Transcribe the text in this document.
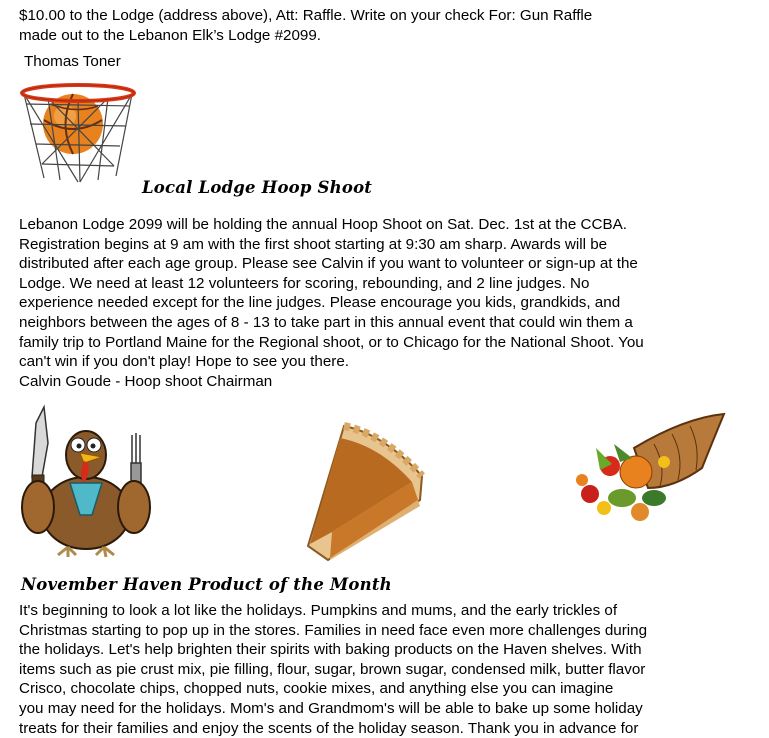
$10.00 to the Lodge (address above), Att: Raffle. Write on your check For: Gun Raffle
made out to the Lebanon Elk’s Lodge #2099.

Thomas Toner

Local Lodge Hoop Shoot

Lebanon Lodge 2099 will be holding the annual Hoop Shoot on Sat. Dec. 1st at the CCBA.
Registration begins at 9 am with the first shoot starting at 9:30 am sharp. Awards will be
distributed after each age group. Please see Calvin if you want to volunteer or sign-up at the
Lodge. We need at least 12 volunteers for scoring, rebounding, and 2 line judges. No
experience needed except for the line judges. Please encourage you kids, grandkids, and
neighbors between the ages of 8 - 13 to take part in this annual event that could win them a
family trip to Portland Maine for the Regional shoot, or to Chicago for the National Shoot. You
can't win if you don't play! Hope to see you there.

Calvin Goude - Hoop shoot Chairman

November Haven Product of the Month

It's beginning to look a lot like the holidays. Pumpkins and mums, and the early trickles of
Christmas starting to pop up in the stores. Families in need face even more challenges during
the holidays. Let's help brighten their spirits with baking products on the Haven shelves. With
items such as pie crust mix, pie filling, flour, sugar, brown sugar, condensed milk, butter flavor
Crisco, chocolate chips, chopped nuts, cookie mixes, and anything else you can imagine
you may need for the holidays. Mom's and Grandmom's will be able to bake up some holiday
treats for their families and enjoy the scents of the holiday season. Thank you in advance for
